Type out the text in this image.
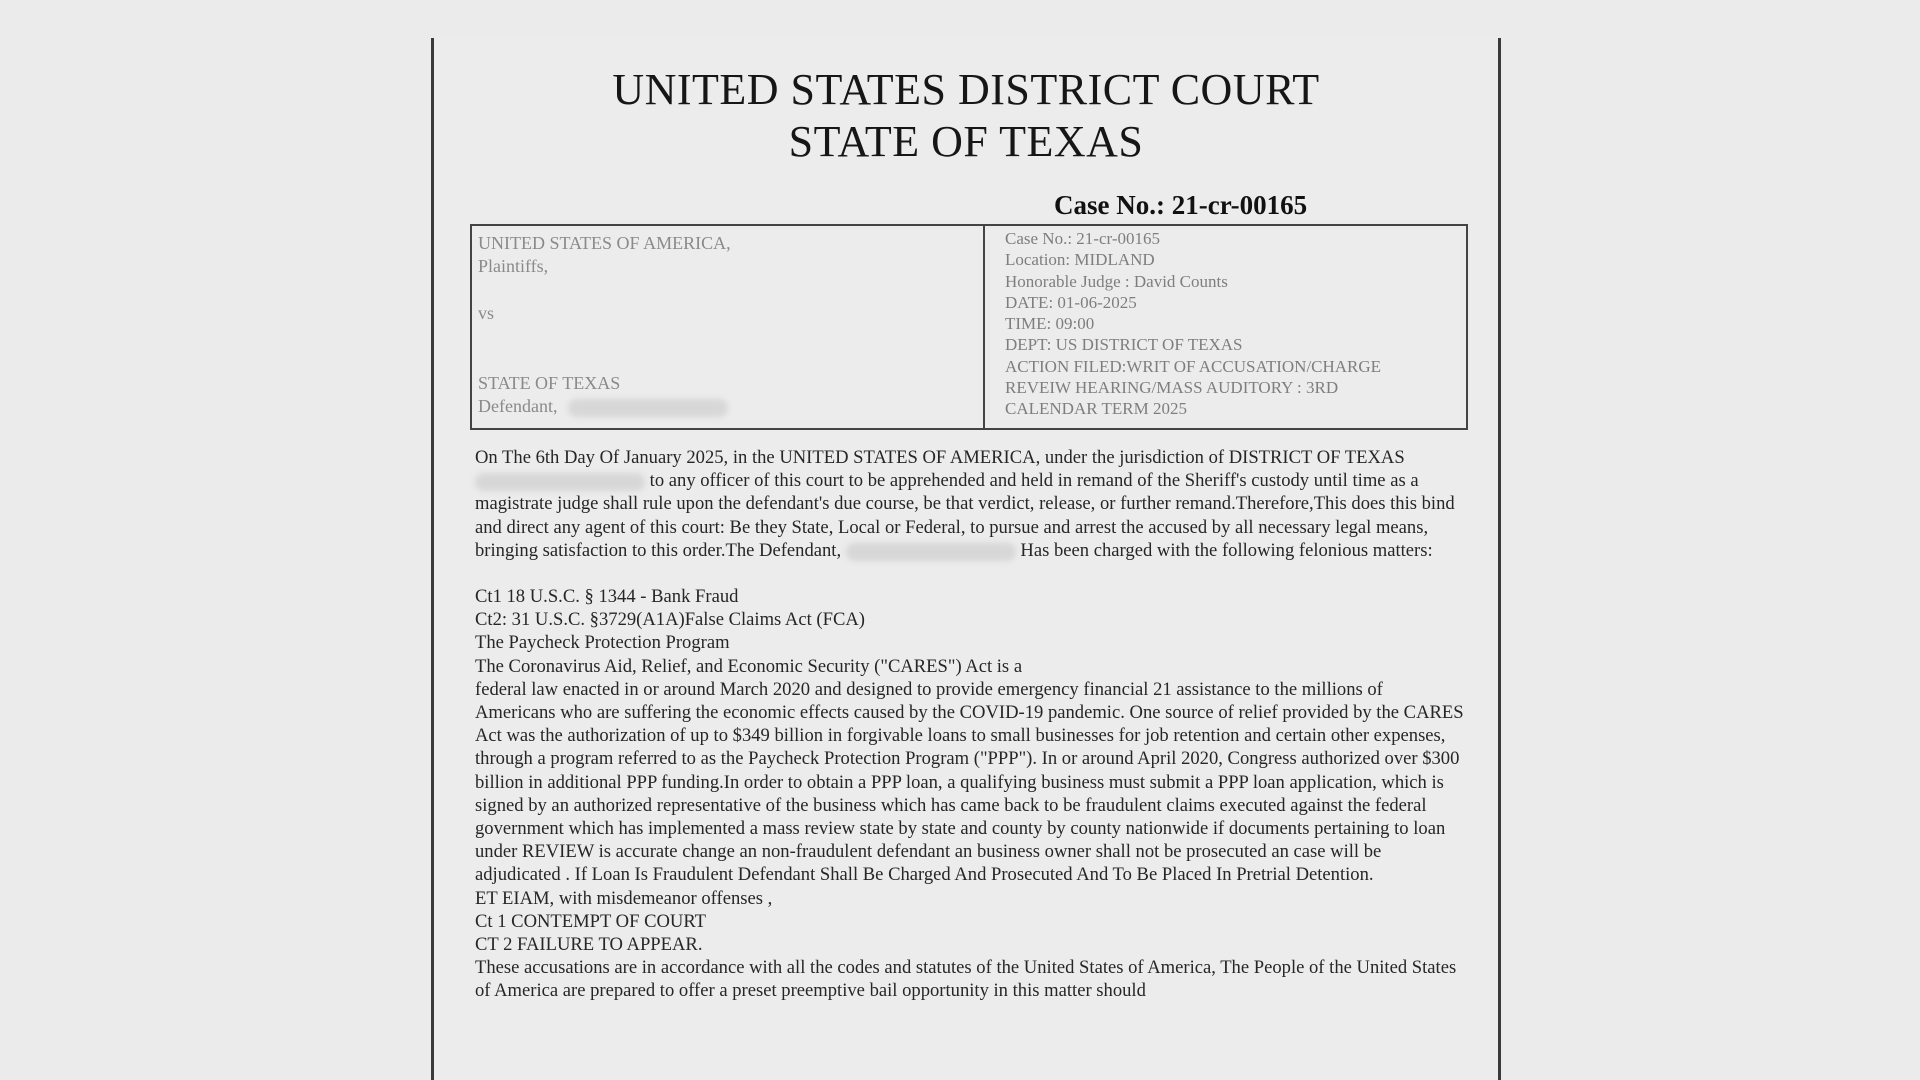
UNITED STATES DISTRICT COURT
STATE OF TEXAS
Case No.: 21-cr-00165
UNITED STATES OF AMERICA,
Plaintiffs,
vs
STATE OF TEXAS
Defendant,
Case No.: 21-cr-00165
Location: MIDLAND
Honorable Judge : David Counts
DATE: 01-06-2025
TIME: 09:00
DEPT: US DISTRICT OF TEXAS
ACTION FILED:WRIT OF ACCUSATION/CHARGE
REVEIW HEARING/MASS AUDITORY : 3RD
CALENDAR TERM 2025

On The 6th Day Of January 2025, in the UNITED STATES OF AMERICA, under the jurisdiction of DISTRICT OF TEXAS  to any officer of this court to be apprehended and held in remand of the Sheriff's custody until time as a magistrate judge shall rule upon the defendant's due course, be that verdict, release, or further remand.Therefore,This does this bind and direct any agent of this court: Be they State, Local or Federal, to pursue and arrest the accused by all necessary legal means, bringing satisfaction to this order.The Defendant,	Has been charged with the following felonious matters:

Ct1 18 U.S.C. § 1344 - Bank Fraud
Ct2: 31 U.S.C. §3729(A1A)False Claims Act (FCA)
The Paycheck Protection Program
The Coronavirus Aid, Relief, and Economic Security ("CARES") Act is a

federal law enacted in or around March 2020 and designed to provide emergency financial 21 assistance to the millions of Americans who are suffering the economic effects caused by the COVID-19 pandemic. One source of relief provided by the CARES Act was the authorization of up to $349 billion in forgivable loans to small businesses for job retention and certain other expenses, through a program referred to as the Paycheck Protection Program ("PPP"). In or around April 2020, Congress authorized over $300 billion in additional PPP funding.In order to obtain a PPP loan, a qualifying business must submit a PPP loan application, which is signed by an authorized representative of the business which has came back to be fraudulent claims executed against the federal government which has implemented a mass review state by state and county by county nationwide if documents pertaining to loan under REVIEW is accurate change an non-fraudulent defendant an business owner shall not be prosecuted an case will be adjudicated . If Loan Is Fraudulent Defendant Shall Be Charged And Prosecuted And To Be Placed In Pretrial Detention.

ET EIAM, with misdemeanor offenses ,
Ct 1 CONTEMPT OF COURT
CT 2 FAILURE TO APPEAR.

These accusations are in accordance with all the codes and statutes of the United States of America, The People of the United States of America are prepared to offer a preset preemptive bail opportunity in this matter should
